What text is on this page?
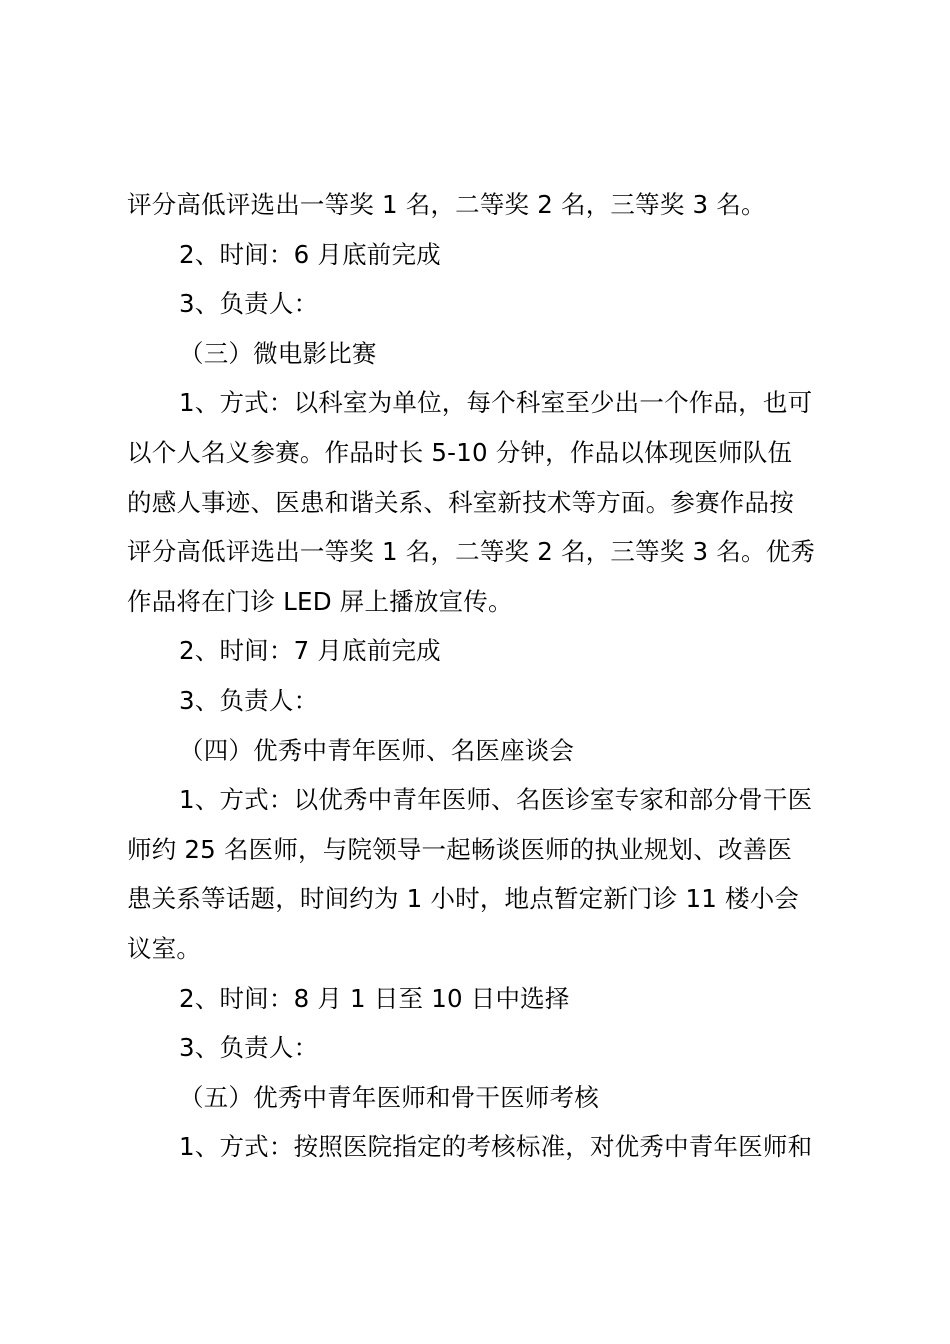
评分高低评选出一等奖 1 名，二等奖 2 名，三等奖 3 名。
2、时间：6 月底前完成
3、负责人：
（三）微电影比赛
1、方式：以科室为单位，每个科室至少出一个作品，也可
以个人名义参赛。作品时长 5-10 分钟，作品以体现医师队伍
的感人事迹、医患和谐关系、科室新技术等方面。参赛作品按
评分高低评选出一等奖 1 名，二等奖 2 名，三等奖 3 名。优秀
作品将在门诊 LED 屏上播放宣传。
2、时间：7 月底前完成
3、负责人：
（四）优秀中青年医师、名医座谈会
1、方式：以优秀中青年医师、名医诊室专家和部分骨干医
师约 25 名医师，与院领导一起畅谈医师的执业规划、改善医
患关系等话题，时间约为 1 小时，地点暂定新门诊 11 楼小会
议室。
2、时间：8 月 1 日至 10 日中选择
3、负责人：
（五）优秀中青年医师和骨干医师考核
1、方式：按照医院指定的考核标准，对优秀中青年医师和
